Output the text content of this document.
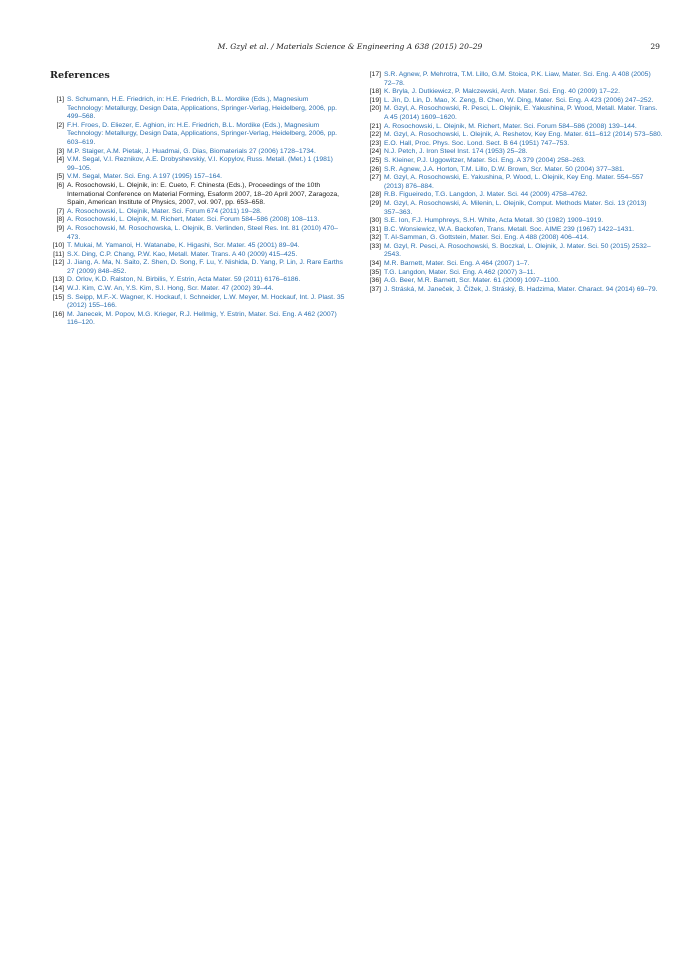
M. Gzyl et al. / Materials Science & Engineering A 638 (2015) 20–29	29
References
[1] S. Schumann, H.E. Friedrich, in: H.E. Friedrich, B.L. Mordike (Eds.), Magnesium Technology: Metallurgy, Design Data, Applications, Springer-Verlag, Heidelberg, 2006, pp. 499–568.
[2] F.H. Froes, D. Eliezer, E. Aghion, in: H.E. Friedrich, B.L. Mordike (Eds.), Magnesium Technology: Metallurgy, Design Data, Applications, Springer-Verlag, Heidelberg, 2006, pp. 603–619.
[3] M.P. Staiger, A.M. Pietak, J. Huadmai, G. Dias, Biomaterials 27 (2006) 1728–1734.
[4] V.M. Segal, V.I. Reznikov, A.E. Drobyshevskiy, V.I. Kopylov, Russ. Metall. (Met.) 1 (1981) 99–105.
[5] V.M. Segal, Mater. Sci. Eng. A 197 (1995) 157–164.
[6] A. Rosochowski, L. Olejnik, in: E. Cueto, F. Chinesta (Eds.), Proceedings of the 10th International Conference on Material Forming, Esaform 2007, 18–20 April 2007, Zaragoza, Spain, American Institute of Physics, 2007, vol. 907, pp. 653–658.
[7] A. Rosochowski, L. Olejnik, Mater. Sci. Forum 674 (2011) 19–28.
[8] A. Rosochowski, L. Olejnik, M. Richert, Mater. Sci. Forum 584–586 (2008) 108–113.
[9] A. Rosochowski, M. Rosochowska, L. Olejnik, B. Verlinden, Steel Res. Int. 81 (2010) 470–473.
[10] T. Mukai, M. Yamanoi, H. Watanabe, K. Higashi, Scr. Mater. 45 (2001) 89–94.
[11] S.X. Ding, C.P. Chang, P.W. Kao, Metall. Mater. Trans. A 40 (2009) 415–425.
[12] J. Jiang, A. Ma, N. Saito, Z. Shen, D. Song, F. Lu, Y. Nishida, D. Yang, P. Lin, J. Rare Earths 27 (2009) 848–852.
[13] D. Orlov, K.D. Ralston, N. Birbilis, Y. Estrin, Acta Mater. 59 (2011) 6176–6186.
[14] W.J. Kim, C.W. An, Y.S. Kim, S.I. Hong, Scr. Mater. 47 (2002) 39–44.
[15] S. Seipp, M.F.-X. Wagner, K. Hockauf, I. Schneider, L.W. Meyer, M. Hockauf, Int. J. Plast. 35 (2012) 155–166.
[16] M. Janecek, M. Popov, M.G. Krieger, R.J. Hellmig, Y. Estrin, Mater. Sci. Eng. A 462 (2007) 116–120.
[17] S.R. Agnew, P. Mehrotra, T.M. Lillo, G.M. Stoica, P.K. Liaw, Mater. Sci. Eng. A 408 (2005) 72–78.
[18] K. Bryla, J. Dutkiewicz, P. Malczewski, Arch. Mater. Sci. Eng. 40 (2009) 17–22.
[19] L. Jin, D. Lin, D. Mao, X. Zeng, B. Chen, W. Ding, Mater. Sci. Eng. A 423 (2006) 247–252.
[20] M. Gzyl, A. Rosochowski, R. Pesci, L. Olejnik, E. Yakushina, P. Wood, Metall. Mater. Trans. A 45 (2014) 1609–1620.
[21] A. Rosochowski, L. Olejnik, M. Richert, Mater. Sci. Forum 584–586 (2008) 139–144.
[22] M. Gzyl, A. Rosochowski, L. Olejnik, A. Reshetov, Key Eng. Mater. 611–612 (2014) 573–580.
[23] E.O. Hall, Proc. Phys. Soc. Lond. Sect. B 64 (1951) 747–753.
[24] N.J. Petch, J. Iron Steel Inst. 174 (1953) 25–28.
[25] S. Kleiner, P.J. Uggowitzer, Mater. Sci. Eng. A 379 (2004) 258–263.
[26] S.R. Agnew, J.A. Horton, T.M. Lillo, D.W. Brown, Scr. Mater. 50 (2004) 377–381.
[27] M. Gzyl, A. Rosochowski, E. Yakushina, P. Wood, L. Olejnik, Key Eng. Mater. 554–557 (2013) 876–884.
[28] R.B. Figueiredo, T.G. Langdon, J. Mater. Sci. 44 (2009) 4758–4762.
[29] M. Gzyl, A. Rosochowski, A. Milenin, L. Olejnik, Comput. Methods Mater. Sci. 13 (2013) 357–363.
[30] S.E. Ion, F.J. Humphreys, S.H. White, Acta Metall. 30 (1982) 1909–1919.
[31] B.C. Wonsiewicz, W.A. Backofen, Trans. Metall. Soc. AIME 239 (1967) 1422–1431.
[32] T. Al-Samman, G. Gottstein, Mater. Sci. Eng. A 488 (2008) 406–414.
[33] M. Gzyl, R. Pesci, A. Rosochowski, S. Boczkal, L. Olejnik, J. Mater. Sci. 50 (2015) 2532–2543.
[34] M.R. Barnett, Mater. Sci. Eng. A 464 (2007) 1–7.
[35] T.G. Langdon, Mater. Sci. Eng. A 462 (2007) 3–11.
[36] A.G. Beer, M.R. Barnett, Scr. Mater. 61 (2009) 1097–1100.
[37] J. Stráská, M. Janeček, J. Čížek, J. Stráský, B. Hadzima, Mater. Charact. 94 (2014) 69–79.
